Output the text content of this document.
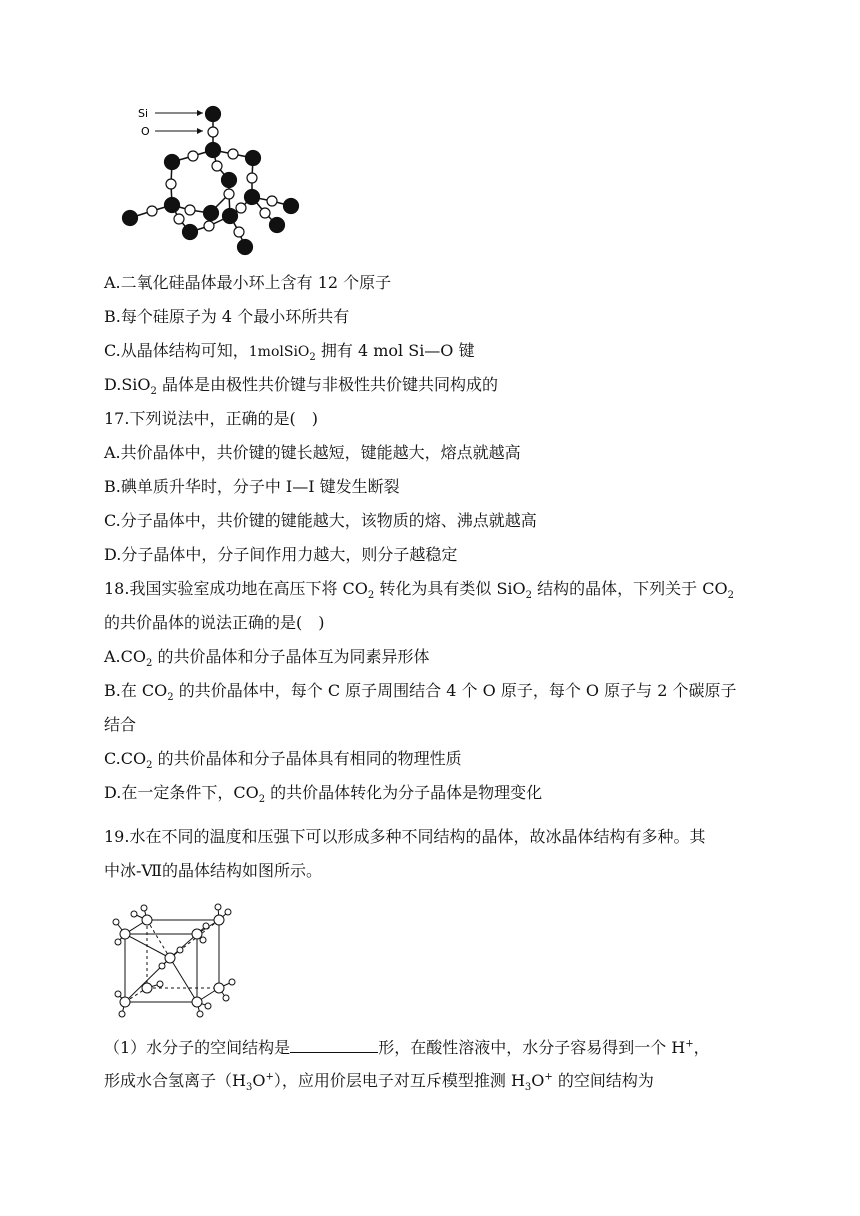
Si
O
A.二氧化硅晶体最小环上含有 12 个原子
B.每个硅原子为 4 个最小环所共有
C.从晶体结构可知，1molSiO$_2$ 拥有 4 mol Si—O 键
D.SiO$_2$ 晶体是由极性共价键与非极性共价键共同构成的
17.下列说法中，正确的是(　)
A.共价晶体中，共价键的键长越短，键能越大，熔点就越高
B.碘单质升华时，分子中 I—I 键发生断裂
C.分子晶体中，共价键的键能越大，该物质的熔、沸点就越高
D.分子晶体中，分子间作用力越大，则分子越稳定
18.我国实验室成功地在高压下将 $CO_2$ 转化为具有类似 SiO$_2$ 结构的晶体，下列关于 $CO_2$
的共价晶体的说法正确的是(　)
$A.CO_2$ 的共价晶体和分子晶体互为同素异形体
B.在 $CO_2$ 的共价晶体中，每个 C 原子周围结合 4 个 O 原子，每个 O 原子与 2 个碳原子
结合
$C.CO_2$ 的共价晶体和分子晶体具有相同的物理性质
D.在一定条件下，$CO_2$ 的共价晶体转化为分子晶体是物理变化
19.水在不同的温度和压强下可以形成多种不同结构的晶体，故冰晶体结构有多种。其
中冰-Ⅶ的晶体结构如图所示。
（1）水分子的空间结构是	形，在酸性溶液中，水分子容易得到一个 H+，
形成水合氢离子$(H_3O^+)$，应用价层电子对互斥模型推测 $H_3O^+$ 的空间结构为
